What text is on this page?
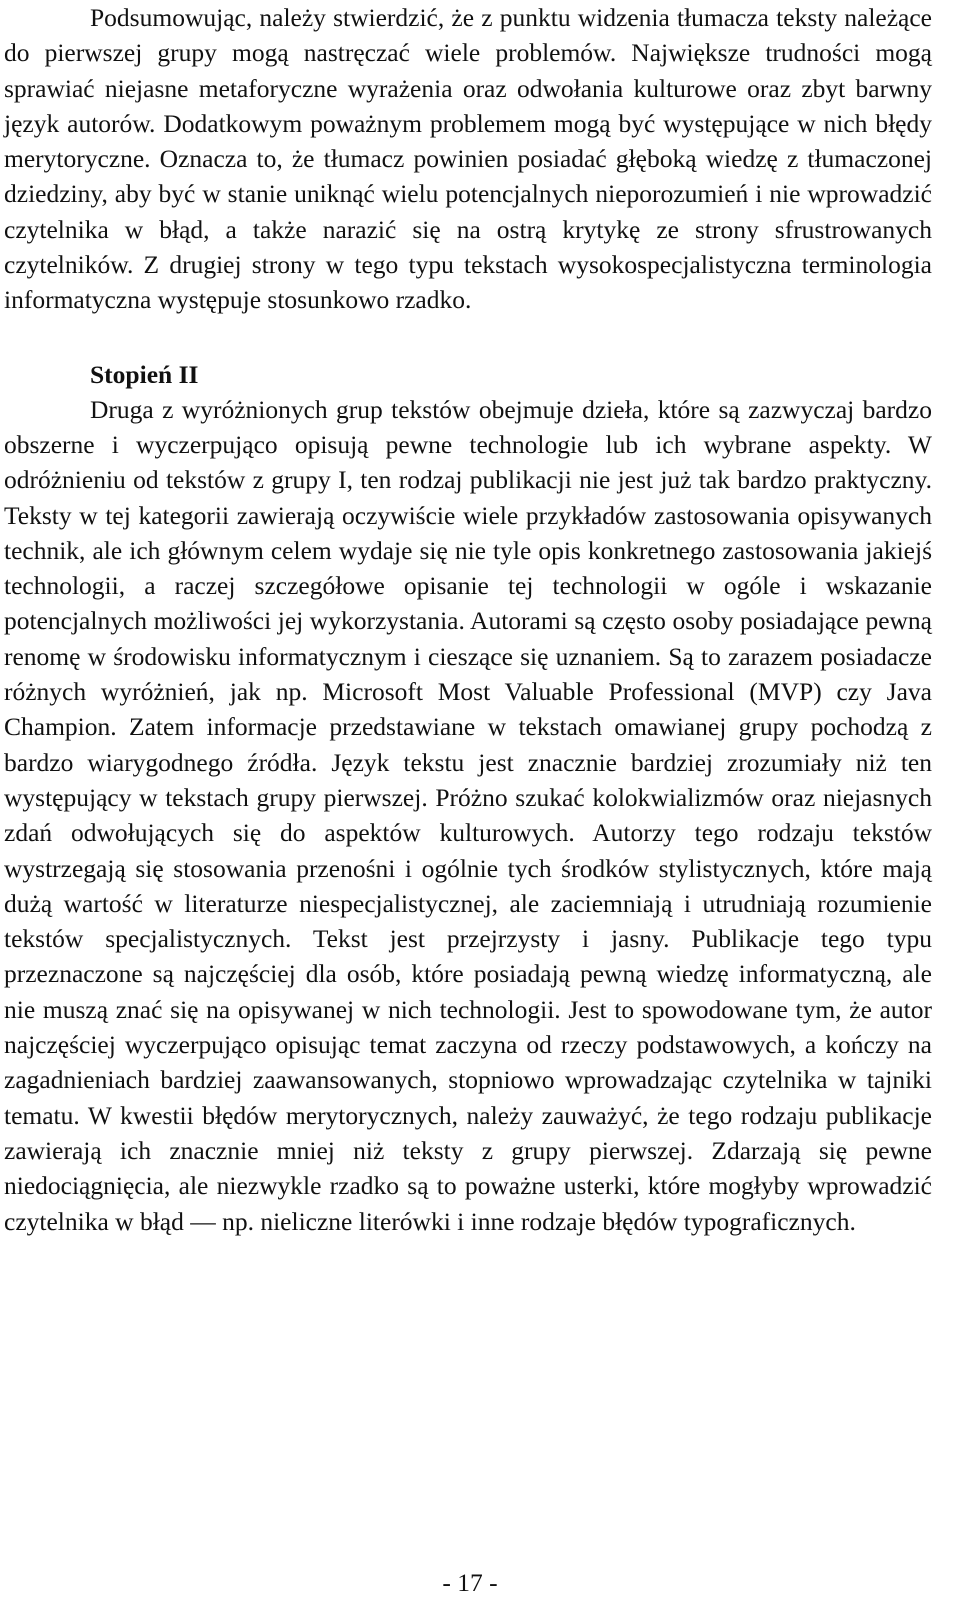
Podsumowując, należy stwierdzić, że z punktu widzenia tłumacza teksty należące do pierwszej grupy mogą nastręczać wiele problemów. Największe trudności mogą sprawiać niejasne metaforyczne wyrażenia oraz odwołania kulturowe oraz zbyt barwny język autorów. Dodatkowym poważnym problemem mogą być występujące w nich błędy merytoryczne. Oznacza to, że tłumacz powinien posiadać głęboką wiedzę z tłumaczonej dziedziny, aby być w stanie uniknąć wielu potencjalnych nieporozumień i nie wprowadzić czytelnika w błąd, a także narazić się na ostrą krytykę ze strony sfrustrowanych czytelników. Z drugiej strony w tego typu tekstach wysokospecjalistyczna terminologia informatyczna występuje stosunkowo rzadko.

Stopień II

Druga z wyróżnionych grup tekstów obejmuje dzieła, które są zazwyczaj bardzo obszerne i wyczerpująco opisują pewne technologie lub ich wybrane aspekty. W odróżnieniu od tekstów z grupy I, ten rodzaj publikacji nie jest już tak bardzo praktyczny. Teksty w tej kategorii zawierają oczywiście wiele przykładów zastosowania opisywanych technik, ale ich głównym celem wydaje się nie tyle opis konkretnego zastosowania jakiejś technologii, a raczej szczegółowe opisanie tej technologii w ogóle i wskazanie potencjalnych możliwości jej wykorzystania. Autorami są często osoby posiadające pewną renomę w środowisku informatycznym i cieszące się uznaniem. Są to zarazem posiadacze różnych wyróżnień, jak np. Microsoft Most Valuable Professional (MVP) czy Java Champion. Zatem informacje przedstawiane w tekstach omawianej grupy pochodzą z bardzo wiarygodnego źródła. Język tekstu jest znacznie bardziej zrozumiały niż ten występujący w tekstach grupy pierwszej. Próżno szukać kolokwializmów oraz niejasnych zdań odwołujących się do aspektów kulturowych. Autorzy tego rodzaju tekstów wystrzegają się stosowania przenośni i ogólnie tych środków stylistycznych, które mają dużą wartość w literaturze niespecjalistycznej, ale zaciemniają i utrudniają rozumienie tekstów specjalistycznych. Tekst jest przejrzysty i jasny. Publikacje tego typu przeznaczone są najczęściej dla osób, które posiadają pewną wiedzę informatyczną, ale nie muszą znać się na opisywanej w nich technologii. Jest to spowodowane tym, że autor najczęściej wyczerpująco opisując temat zaczyna od rzeczy podstawowych, a kończy na zagadnieniach bardziej zaawansowanych, stopniowo wprowadzając czytelnika w tajniki tematu. W kwestii błędów merytorycznych, należy zauważyć, że tego rodzaju publikacje zawierają ich znacznie mniej niż teksty z grupy pierwszej. Zdarzają się pewne niedociągnięcia, ale niezwykle rzadko są to poważne usterki, które mogłyby wprowadzić czytelnika w błąd — np. nieliczne literówki i inne rodzaje błędów typograficznych.

- 17 -
